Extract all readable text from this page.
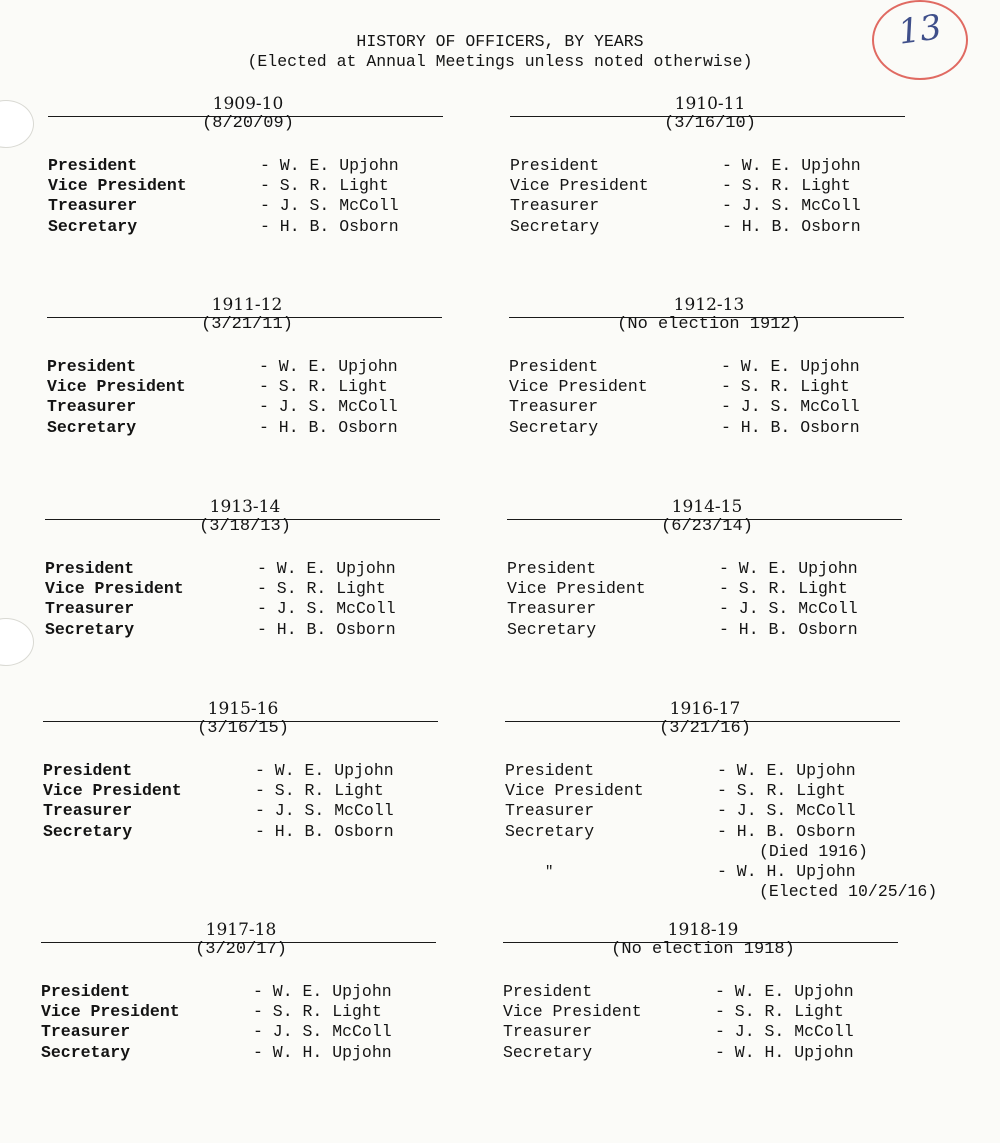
13
HISTORY OF OFFICERS, BY YEARS
(Elected at Annual Meetings unless noted otherwise)
1909-10
(8/20/09)
President	- W. E. Upjohn
Vice President	- S. R. Light
Treasurer	- J. S. McColl
Secretary	- H. B. Osborn
1910-11
(3/16/10)
President	- W. E. Upjohn
Vice President	- S. R. Light
Treasurer	- J. S. McColl
Secretary	- H. B. Osborn
1911-12
(3/21/11)
President	- W. E. Upjohn
Vice President	- S. R. Light
Treasurer	- J. S. McColl
Secretary	- H. B. Osborn
1912-13
(No election 1912)
President	- W. E. Upjohn
Vice President	- S. R. Light
Treasurer	- J. S. McColl
Secretary	- H. B. Osborn
1913-14
(3/18/13)
President	- W. E. Upjohn
Vice President	- S. R. Light
Treasurer	- J. S. McColl
Secretary	- H. B. Osborn
1914-15
(6/23/14)
President	- W. E. Upjohn
Vice President	- S. R. Light
Treasurer	- J. S. McColl
Secretary	- H. B. Osborn
1915-16
(3/16/15)
President	- W. E. Upjohn
Vice President	- S. R. Light
Treasurer	- J. S. McColl
Secretary	- H. B. Osborn
1916-17
(3/21/16)
President	- W. E. Upjohn
Vice President	- S. R. Light
Treasurer	- J. S. McColl
Secretary	- H. B. Osborn
(Died 1916)
"	- W. H. Upjohn
(Elected 10/25/16)
1917-18
(3/20/17)
President	- W. E. Upjohn
Vice President	- S. R. Light
Treasurer	- J. S. McColl
Secretary	- W. H. Upjohn
1918-19
(No election 1918)
President	- W. E. Upjohn
Vice President	- S. R. Light
Treasurer	- J. S. McColl
Secretary	- W. H. Upjohn
